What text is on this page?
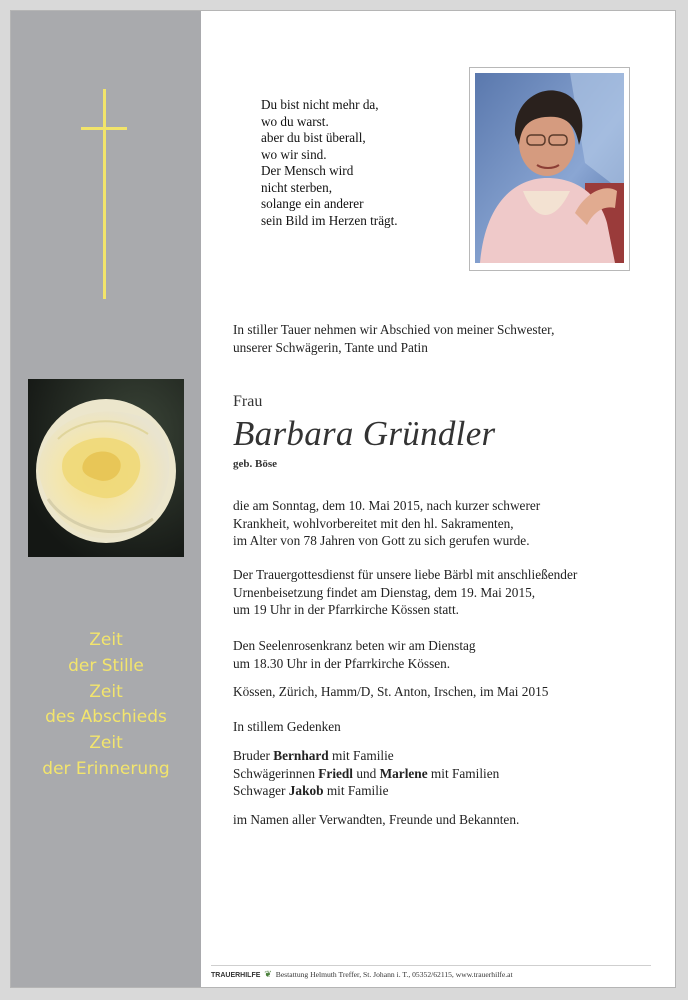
Zeit
der Stille
Zeit
des Abschieds
Zeit
der Erinnerung
Du bist nicht mehr da,
wo du warst.
aber du bist überall,
wo wir sind.
Der Mensch wird
nicht sterben,
solange ein anderer
sein Bild im Herzen trägt.
In stiller Tauer nehmen wir Abschied von meiner Schwester,
unserer Schwägerin, Tante und Patin
Frau
Barbara Gründler
geb. Böse
die am Sonntag, dem 10. Mai 2015, nach kurzer schwerer
Krankheit, wohlvorbereitet mit den hl. Sakramenten,
im Alter von 78 Jahren von Gott zu sich gerufen wurde.
Der Trauergottesdienst für unsere liebe Bärbl mit anschließender
Urnenbeisetzung findet am Dienstag, dem 19. Mai 2015,
um 19 Uhr in der Pfarrkirche Kössen statt.
Den Seelenrosenkranz beten wir am Dienstag
um 18.30 Uhr in der Pfarrkirche Kössen.
Kössen, Zürich, Hamm/D, St. Anton, Irschen, im Mai 2015
In stillem Gedenken
Bruder Bernhard mit Familie
Schwägerinnen Friedl und Marlene mit Familien
Schwager Jakob mit Familie
im Namen aller Verwandten, Freunde und Bekannten.
TRAUERHILFE ❦ Bestattung Helmuth Treffer, St. Johann i. T., 05352/62115, www.trauerhilfe.at
